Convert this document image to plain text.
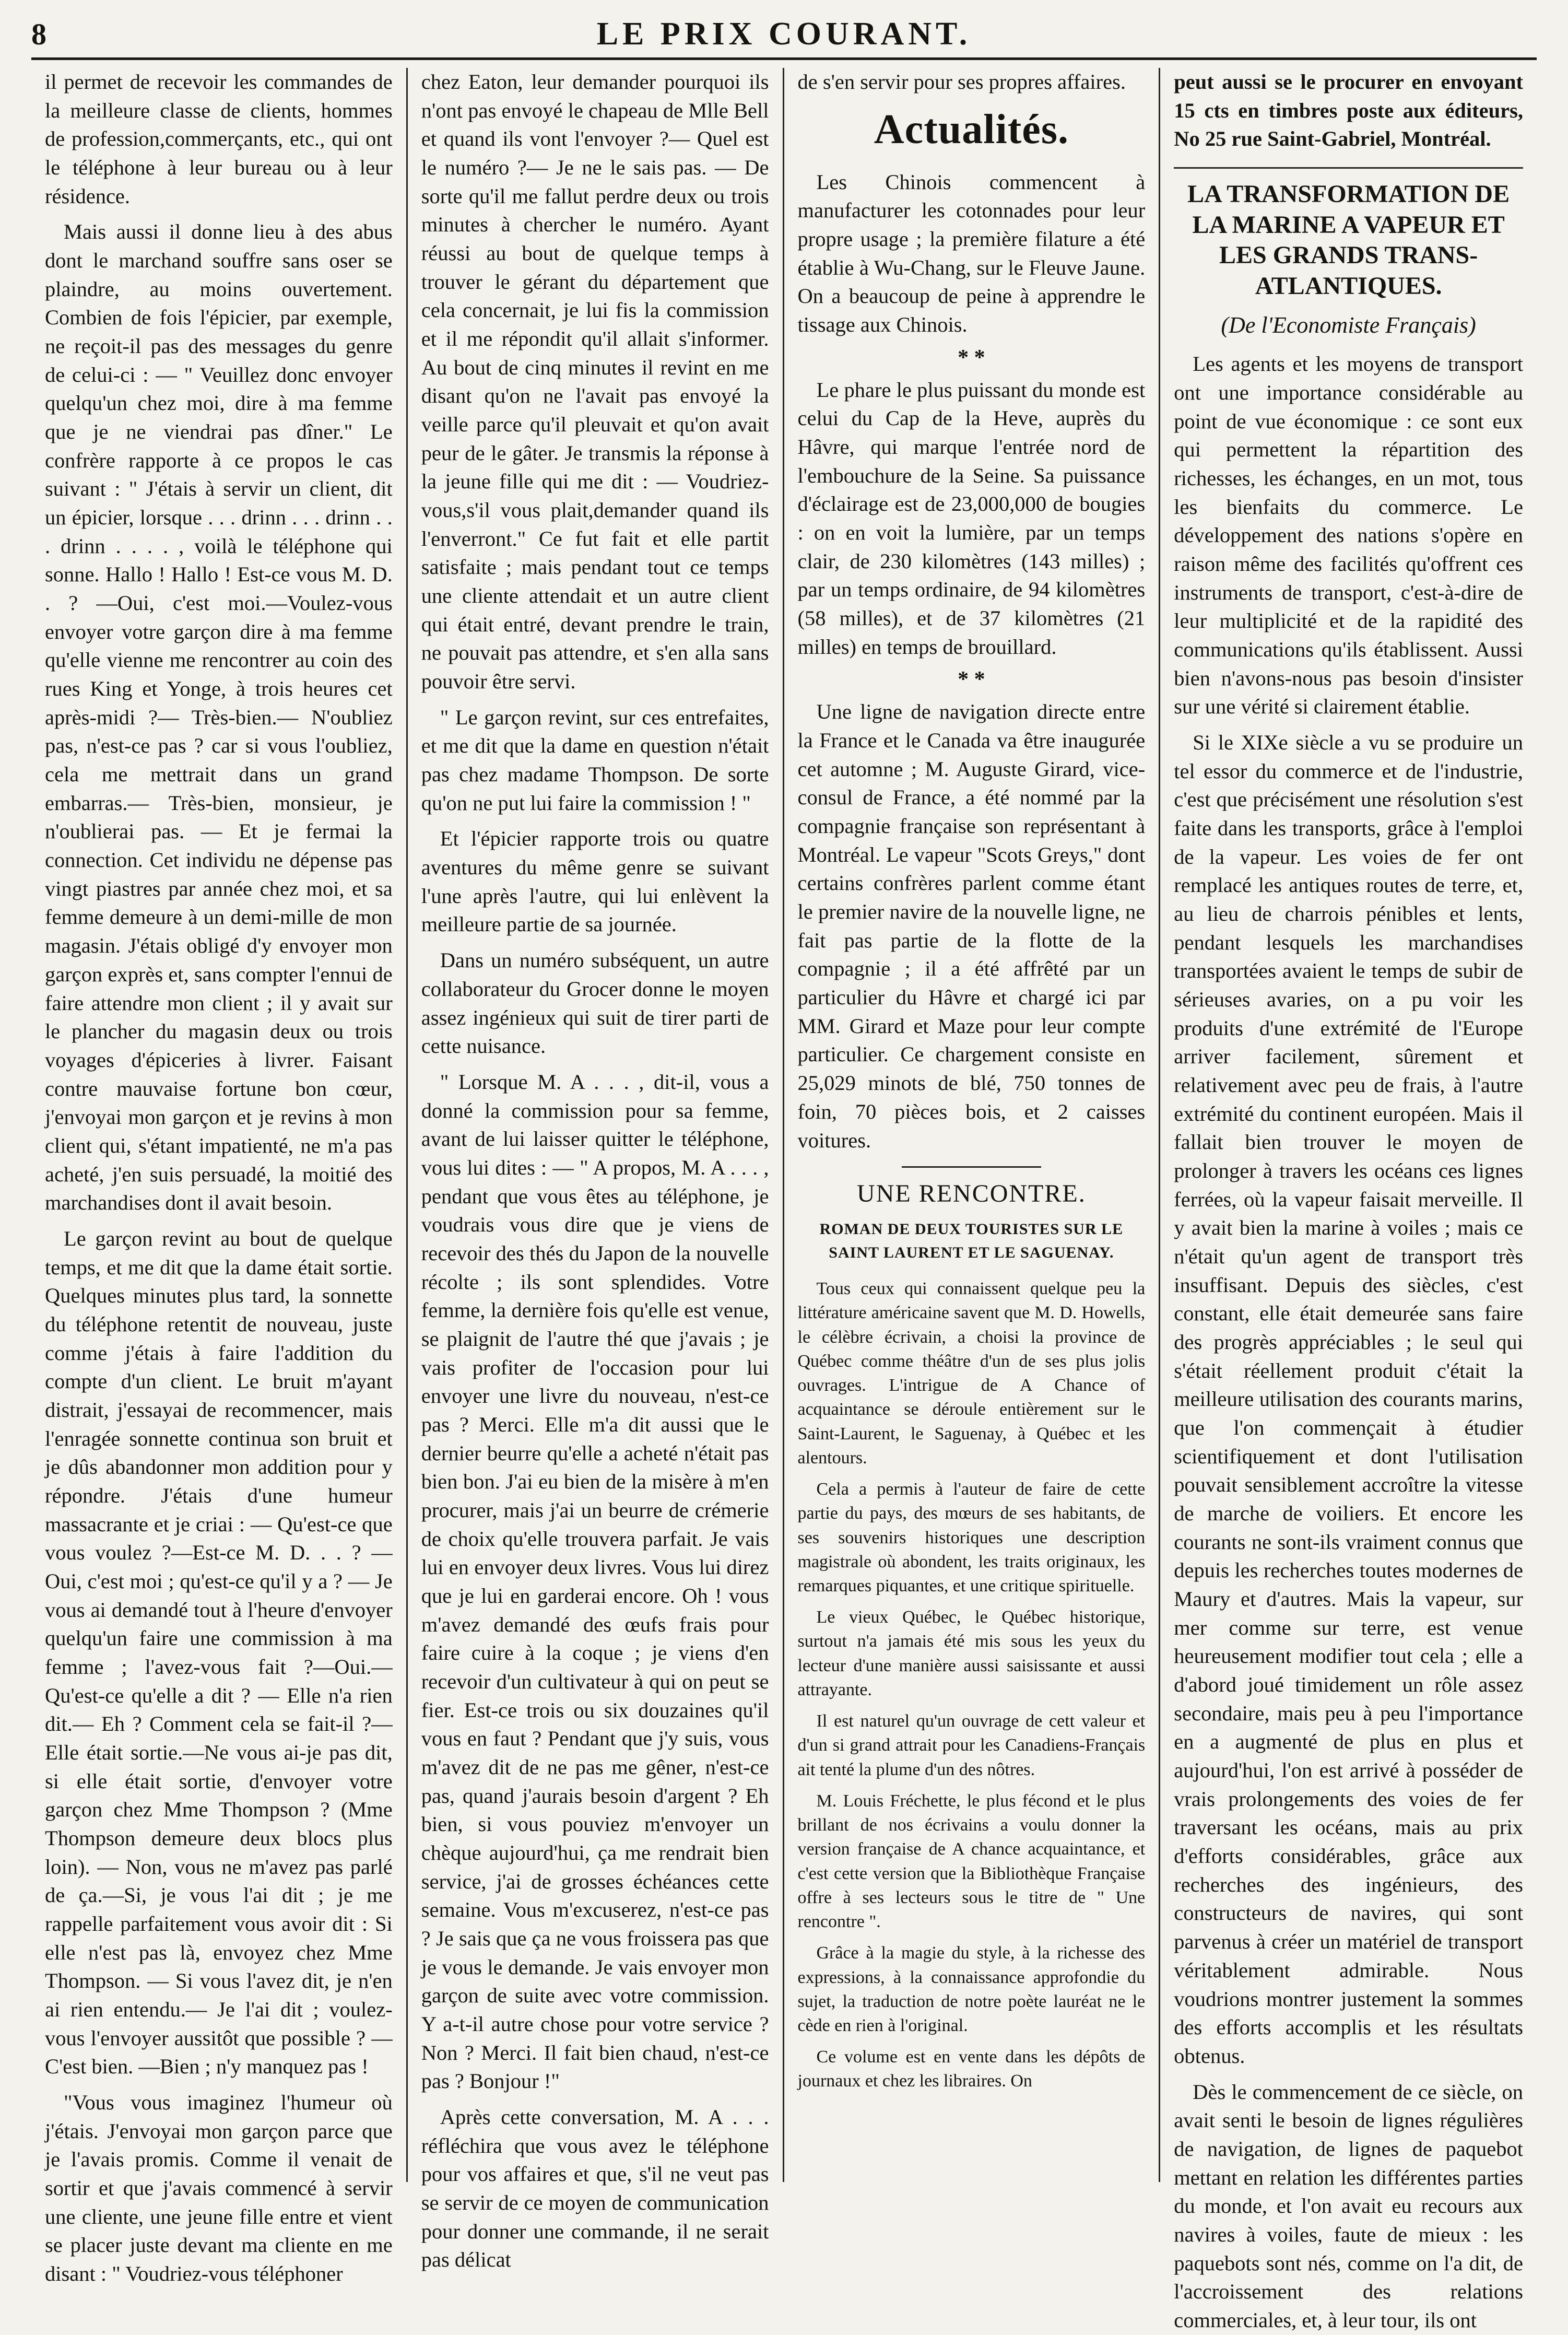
8	LE PRIX COURANT.

il permet de recevoir les commandes de la meilleure classe de clients, hommes de profession,commerçants, etc., qui ont le téléphone à leur bureau ou à leur résidence.

Mais aussi il donne lieu à des abus dont le marchand souffre sans oser se plaindre, au moins ouvertement. Combien de fois l'épicier, par exemple, ne reçoit-il pas des messages du genre de celui-ci : — " Veuillez donc envoyer quelqu'un chez moi, dire à ma femme que je ne viendrai pas dîner." Le confrère rapporte à ce propos le cas suivant : " J'étais à servir un client, dit un épicier, lorsque . . . drinn . . . drinn . . . drinn . . . . , voilà le téléphone qui sonne. Hallo ! Hallo ! Est-ce vous M. D. . ? —Oui, c'est moi.—Voulez-vous envoyer votre garçon dire à ma femme qu'elle vienne me rencontrer au coin des rues King et Yonge, à trois heures cet après-midi ?— Très-bien.— N'oubliez pas, n'est-ce pas ? car si vous l'oubliez, cela me mettrait dans un grand embarras.— Très-bien, monsieur, je n'oublierai pas. — Et je fermai la connection. Cet individu ne dépense pas vingt piastres par année chez moi, et sa femme demeure à un demi-mille de mon magasin. J'étais obligé d'y envoyer mon garçon exprès et, sans compter l'ennui de faire attendre mon client ; il y avait sur le plancher du magasin deux ou trois voyages d'épiceries à livrer. Faisant contre mauvaise fortune bon cœur, j'envoyai mon garçon et je revins à mon client qui, s'étant impatienté, ne m'a pas acheté, j'en suis persuadé, la moitié des marchandises dont il avait besoin.

Le garçon revint au bout de quelque temps, et me dit que la dame était sortie. Quelques minutes plus tard, la sonnette du téléphone retentit de nouveau, juste comme j'étais à faire l'addition du compte d'un client. Le bruit m'ayant distrait, j'essayai de recommencer, mais l'enragée sonnette continua son bruit et je dûs abandonner mon addition pour y répondre. J'étais d'une humeur massacrante et je criai : — Qu'est-ce que vous voulez ?—Est-ce M. D. . . ? — Oui, c'est moi ; qu'est-ce qu'il y a ? — Je vous ai demandé tout à l'heure d'envoyer quelqu'un faire une commission à ma femme ; l'avez-vous fait ?—Oui.— Qu'est-ce qu'elle a dit ? — Elle n'a rien dit.— Eh ? Comment cela se fait-il ?—Elle était sortie.—Ne vous ai-je pas dit, si elle était sortie, d'envoyer votre garçon chez Mme Thompson ? (Mme Thompson demeure deux blocs plus loin). — Non, vous ne m'avez pas parlé de ça.—Si, je vous l'ai dit ; je me rappelle parfaitement vous avoir dit : Si elle n'est pas là, envoyez chez Mme Thompson. — Si vous l'avez dit, je n'en ai rien entendu.— Je l'ai dit ; voulez-vous l'envoyer aussitôt que possible ? — C'est bien. —Bien ; n'y manquez pas !

"Vous vous imaginez l'humeur où j'étais. J'envoyai mon garçon parce que je l'avais promis. Comme il venait de sortir et que j'avais commencé à servir une cliente, une jeune fille entre et vient se placer juste devant ma cliente en me disant : " Voudriez-vous téléphoner

chez Eaton, leur demander pourquoi ils n'ont pas envoyé le chapeau de Mlle Bell et quand ils vont l'envoyer ?— Quel est le numéro ?— Je ne le sais pas. — De sorte qu'il me fallut perdre deux ou trois minutes à chercher le numéro. Ayant réussi au bout de quelque temps à trouver le gérant du département que cela concernait, je lui fis la commission et il me répondit qu'il allait s'informer. Au bout de cinq minutes il revint en me disant qu'on ne l'avait pas envoyé la veille parce qu'il pleuvait et qu'on avait peur de le gâter. Je transmis la réponse à la jeune fille qui me dit : — Voudriez-vous,s'il vous plait,demander quand ils l'enverront." Ce fut fait et elle partit satisfaite ; mais pendant tout ce temps une cliente attendait et un autre client qui était entré, devant prendre le train, ne pouvait pas attendre, et s'en alla sans pouvoir être servi.

" Le garçon revint, sur ces entrefaites, et me dit que la dame en question n'était pas chez madame Thompson. De sorte qu'on ne put lui faire la commission ! "

Et l'épicier rapporte trois ou quatre aventures du même genre se suivant l'une après l'autre, qui lui enlèvent la meilleure partie de sa journée.

Dans un numéro subséquent, un autre collaborateur du Grocer donne le moyen assez ingénieux qui suit de tirer parti de cette nuisance.

" Lorsque M. A . . . , dit-il, vous a donné la commission pour sa femme, avant de lui laisser quitter le téléphone, vous lui dites : — " A propos, M. A . . . , pendant que vous êtes au téléphone, je voudrais vous dire que je viens de recevoir des thés du Japon de la nouvelle récolte ; ils sont splendides. Votre femme, la dernière fois qu'elle est venue, se plaignit de l'autre thé que j'avais ; je vais profiter de l'occasion pour lui envoyer une livre du nouveau, n'est-ce pas ? Merci. Elle m'a dit aussi que le dernier beurre qu'elle a acheté n'était pas bien bon. J'ai eu bien de la misère à m'en procurer, mais j'ai un beurre de crémerie de choix qu'elle trouvera parfait. Je vais lui en envoyer deux livres. Vous lui direz que je lui en garderai encore. Oh ! vous m'avez demandé des œufs frais pour faire cuire à la coque ; je viens d'en recevoir d'un cultivateur à qui on peut se fier. Est-ce trois ou six douzaines qu'il vous en faut ? Pendant que j'y suis, vous m'avez dit de ne pas me gêner, n'est-ce pas, quand j'aurais besoin d'argent ? Eh bien, si vous pouviez m'envoyer un chèque aujourd'hui, ça me rendrait bien service, j'ai de grosses échéances cette semaine. Vous m'excuserez, n'est-ce pas ? Je sais que ça ne vous froissera pas que je vous le demande. Je vais envoyer mon garçon de suite avec votre commission. Y a-t-il autre chose pour votre service ? Non ? Merci. Il fait bien chaud, n'est-ce pas ? Bonjour !"

Après cette conversation, M. A . . . réfléchira que vous avez le téléphone pour vos affaires et que, s'il ne veut pas se servir de ce moyen de communication pour donner une commande, il ne serait pas délicat

de s'en servir pour ses propres affaires.

Actualités.

Les Chinois commencent à manufacturer les cotonnades pour leur propre usage ; la première filature a été établie à Wu-Chang, sur le Fleuve Jaune. On a beaucoup de peine à apprendre le tissage aux Chinois.

* *

Le phare le plus puissant du monde est celui du Cap de la Heve, auprès du Hâvre, qui marque l'entrée nord de l'embouchure de la Seine. Sa puissance d'éclairage est de 23,000,000 de bougies : on en voit la lumière, par un temps clair, de 230 kilomètres (143 milles) ; par un temps ordinaire, de 94 kilomètres (58 milles), et de 37 kilomètres (21 milles) en temps de brouillard.

* *

Une ligne de navigation directe entre la France et le Canada va être inaugurée cet automne ; M. Auguste Girard, vice-consul de France, a été nommé par la compagnie française son représentant à Montréal. Le vapeur "Scots Greys," dont certains confrères parlent comme étant le premier navire de la nouvelle ligne, ne fait pas partie de la flotte de la compagnie ; il a été affrêté par un particulier du Hâvre et chargé ici par MM. Girard et Maze pour leur compte particulier. Ce chargement consiste en 25,029 minots de blé, 750 tonnes de foin, 70 pièces bois, et 2 caisses voitures.

UNE RENCONTRE.
ROMAN DE DEUX TOURISTES SUR LE SAINT LAURENT ET LE SAGUENAY.

Tous ceux qui connaissent quelque peu la littérature américaine savent que M. D. Howells, le célèbre écrivain, a choisi la province de Québec comme théâtre d'un de ses plus jolis ouvrages. L'intrigue de A Chance of acquaintance se déroule entièrement sur le Saint-Laurent, le Saguenay, à Québec et les alentours.

Cela a permis à l'auteur de faire de cette partie du pays, des mœurs de ses habitants, de ses souvenirs historiques une description magistrale où abondent, les traits originaux, les remarques piquantes, et une critique spirituelle.

Le vieux Québec, le Québec historique, surtout n'a jamais été mis sous les yeux du lecteur d'une manière aussi saisissante et aussi attrayante.

Il est naturel qu'un ouvrage de cett valeur et d'un si grand attrait pour les Canadiens-Français ait tenté la plume d'un des nôtres.

M. Louis Fréchette, le plus fécond et le plus brillant de nos écrivains a voulu donner la version française de A chance acquaintance, et c'est cette version que la Bibliothèque Française offre à ses lecteurs sous le titre de " Une rencontre ".

Grâce à la magie du style, à la richesse des expressions, à la connaissance approfondie du sujet, la traduction de notre poète lauréat ne le cède en rien à l'original.

Ce volume est en vente dans les dépôts de journaux et chez les libraires. On

peut aussi se le procurer en envoyant 15 cts en timbres poste aux éditeurs, No 25 rue Saint-Gabriel, Montréal.

LA TRANSFORMATION DE LA MARINE A VAPEUR ET LES GRANDS TRANS-ATLANTIQUES.
(De l'Economiste Français)

Les agents et les moyens de transport ont une importance considérable au point de vue économique : ce sont eux qui permettent la répartition des richesses, les échanges, en un mot, tous les bienfaits du commerce. Le développement des nations s'opère en raison même des facilités qu'offrent ces instruments de transport, c'est-à-dire de leur multiplicité et de la rapidité des communications qu'ils établissent. Aussi bien n'avons-nous pas besoin d'insister sur une vérité si clairement établie.

Si le XIXe siècle a vu se produire un tel essor du commerce et de l'industrie, c'est que précisément une résolution s'est faite dans les transports, grâce à l'emploi de la vapeur. Les voies de fer ont remplacé les antiques routes de terre, et, au lieu de charrois pénibles et lents, pendant lesquels les marchandises transportées avaient le temps de subir de sérieuses avaries, on a pu voir les produits d'une extrémité de l'Europe arriver facilement, sûrement et relativement avec peu de frais, à l'autre extrémité du continent européen. Mais il fallait bien trouver le moyen de prolonger à travers les océans ces lignes ferrées, où la vapeur faisait merveille. Il y avait bien la marine à voiles ; mais ce n'était qu'un agent de transport très insuffisant. Depuis des siècles, c'est constant, elle était demeurée sans faire des progrès appréciables ; le seul qui s'était réellement produit c'était la meilleure utilisation des courants marins, que l'on commençait à étudier scientifiquement et dont l'utilisation pouvait sensiblement accroître la vitesse de marche de voiliers. Et encore les courants ne sont-ils vraiment connus que depuis les recherches toutes modernes de Maury et d'autres. Mais la vapeur, sur mer comme sur terre, est venue heureusement modifier tout cela ; elle a d'abord joué timidement un rôle assez secondaire, mais peu à peu l'importance en a augmenté de plus en plus et aujourd'hui, l'on est arrivé à posséder de vrais prolongements des voies de fer traversant les océans, mais au prix d'efforts considérables, grâce aux recherches des ingénieurs, des constructeurs de navires, qui sont parvenus à créer un matériel de transport véritablement admirable. Nous voudrions montrer justement la sommes des efforts accomplis et les résultats obtenus.

Dès le commencement de ce siècle, on avait senti le besoin de lignes régulières de navigation, de lignes de paquebot mettant en relation les différentes parties du monde, et l'on avait eu recours aux navires à voiles, faute de mieux : les paquebots sont nés, comme on l'a dit, de l'accroissement des relations commerciales, et, à leur tour, ils ont
